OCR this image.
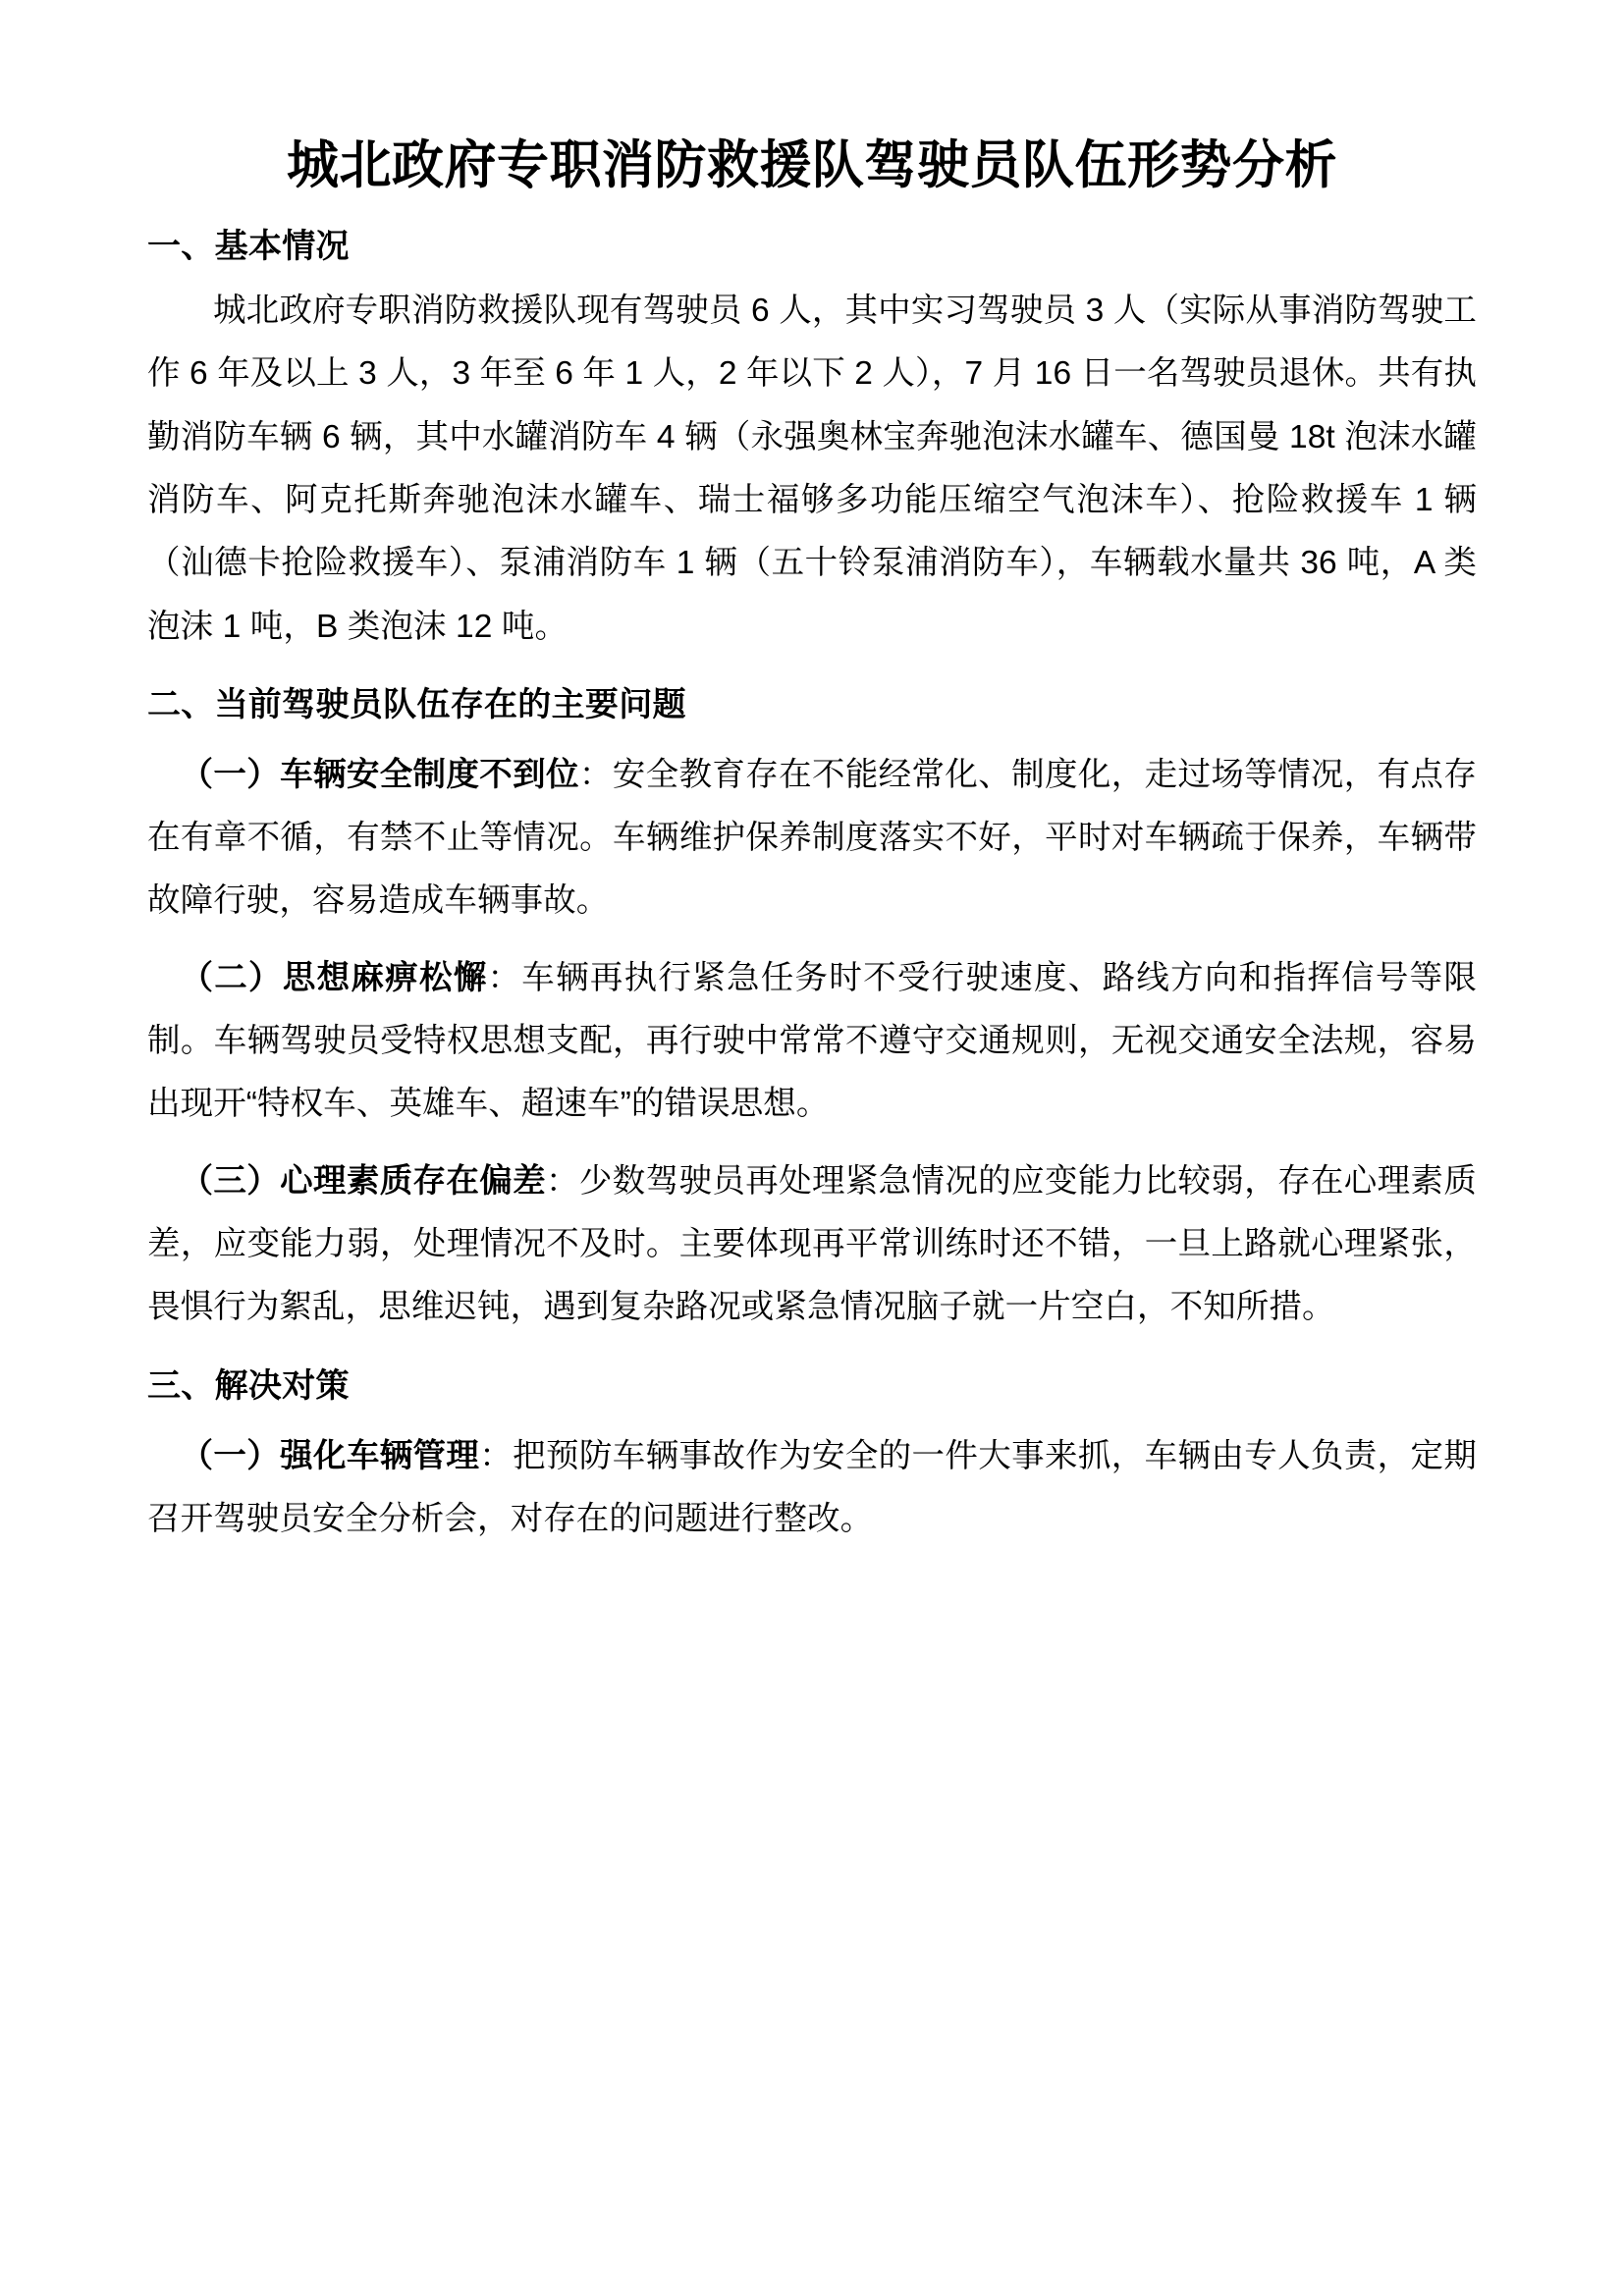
城北政府专职消防救援队驾驶员队伍形势分析
一、基本情况

城北政府专职消防救援队现有驾驶员 6 人，其中实习驾驶员 3 人（实际从事消防驾驶工作 6 年及以上 3 人，3 年至 6 年 1 人，2 年以下 2 人），7 月 16 日一名驾驶员退休。共有执勤消防车辆 6 辆，其中水罐消防车 4 辆（永强奥林宝奔驰泡沫水罐车、德国曼 18t 泡沫水罐消防车、阿克托斯奔驰泡沫水罐车、瑞士福够多功能压缩空气泡沫车）、抢险救援车 1 辆（汕德卡抢险救援车）、泵浦消防车 1 辆（五十铃泵浦消防车），车辆载水量共 36 吨，A 类泡沫 1 吨，B 类泡沫 12 吨。

二、当前驾驶员队伍存在的主要问题

（一）车辆安全制度不到位：安全教育存在不能经常化、制度化，走过场等情况，有点存在有章不循，有禁不止等情况。车辆维护保养制度落实不好，平时对车辆疏于保养，车辆带故障行驶，容易造成车辆事故。

（二）思想麻痹松懈：车辆再执行紧急任务时不受行驶速度、路线方向和指挥信号等限制。车辆驾驶员受特权思想支配，再行驶中常常不遵守交通规则，无视交通安全法规，容易出现开“特权车、英雄车、超速车”的错误思想。

（三）心理素质存在偏差：少数驾驶员再处理紧急情况的应变能力比较弱，存在心理素质差，应变能力弱，处理情况不及时。主要体现再平常训练时还不错，一旦上路就心理紧张，畏惧行为絮乱，思维迟钝，遇到复杂路况或紧急情况脑子就一片空白，不知所措。

三、解决对策

（一）强化车辆管理：把预防车辆事故作为安全的一件大事来抓，车辆由专人负责，定期召开驾驶员安全分析会，对存在的问题进行整改。
